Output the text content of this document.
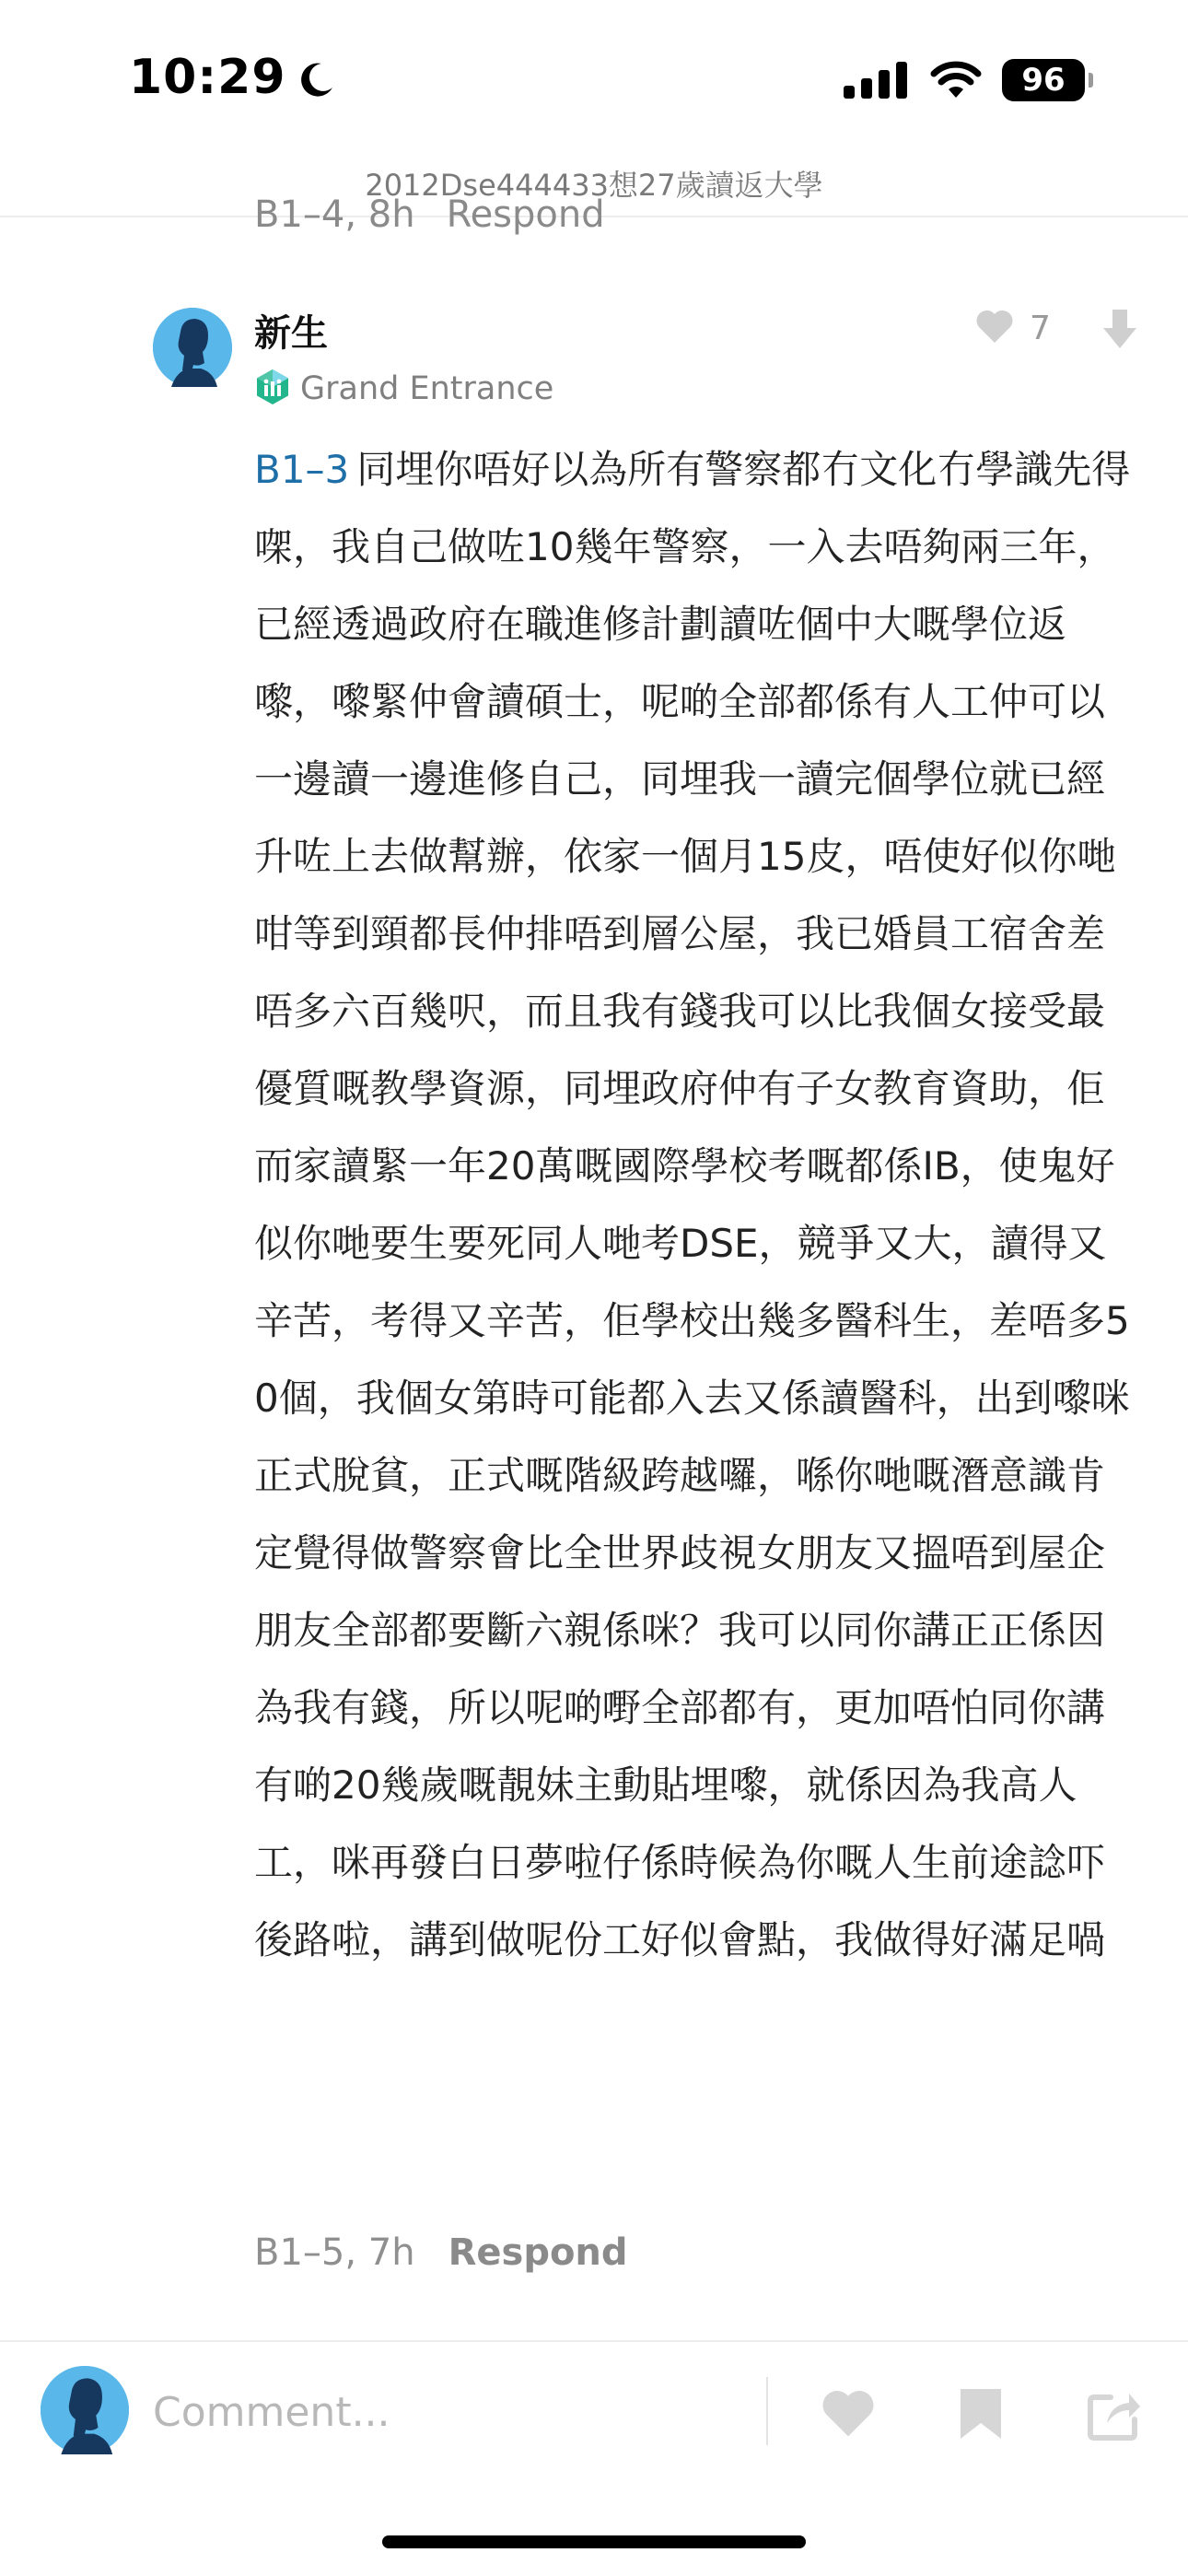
10:29	96
2012Dse444433想27歲讀返大學
B1–4, 8h Respond
新生
Grand Entrance
7
B1–3 同埋你唔好以為所有警察都冇文化冇學識先得㗎，我自己做咗10幾年警察，一入去唔夠兩三年，已經透過政府在職進修計劃讀咗個中大嘅學位返嚟，嚟緊仲會讀碩士，呢啲全部都係有人工仲可以一邊讀一邊進修自己，同埋我一讀完個學位就已經升咗上去做幫辦，依家一個月15皮，唔使好似你哋咁等到頸都長仲排唔到層公屋，我已婚員工宿舍差唔多六百幾呎，而且我有錢我可以比我個女接受最優質嘅教學資源，同埋政府仲有子女教育資助，佢而家讀緊一年20萬嘅國際學校考嘅都係IB，使鬼好似你哋要生要死同人哋考DSE，競爭又大，讀得又辛苦，考得又辛苦，佢學校出幾多醫科生，差唔多50個，我個女第時可能都入去又係讀醫科，出到嚟咪正式脫貧，正式嘅階級跨越囉，喺你哋嘅潛意識肯定覺得做警察會比全世界歧視女朋友又搵唔到屋企朋友全部都要斷六親係咪？我可以同你講正正係因為我有錢，所以呢啲嘢全部都有，更加唔怕同你講有啲20幾歲嘅靚妹主動貼埋嚟，就係因為我高人工，咪再發白日夢啦仔係時候為你嘅人生前途諗吓後路啦，講到做呢份工好似會點，我做得好滿足喎
B1–5, 7h Respond
Comment...
